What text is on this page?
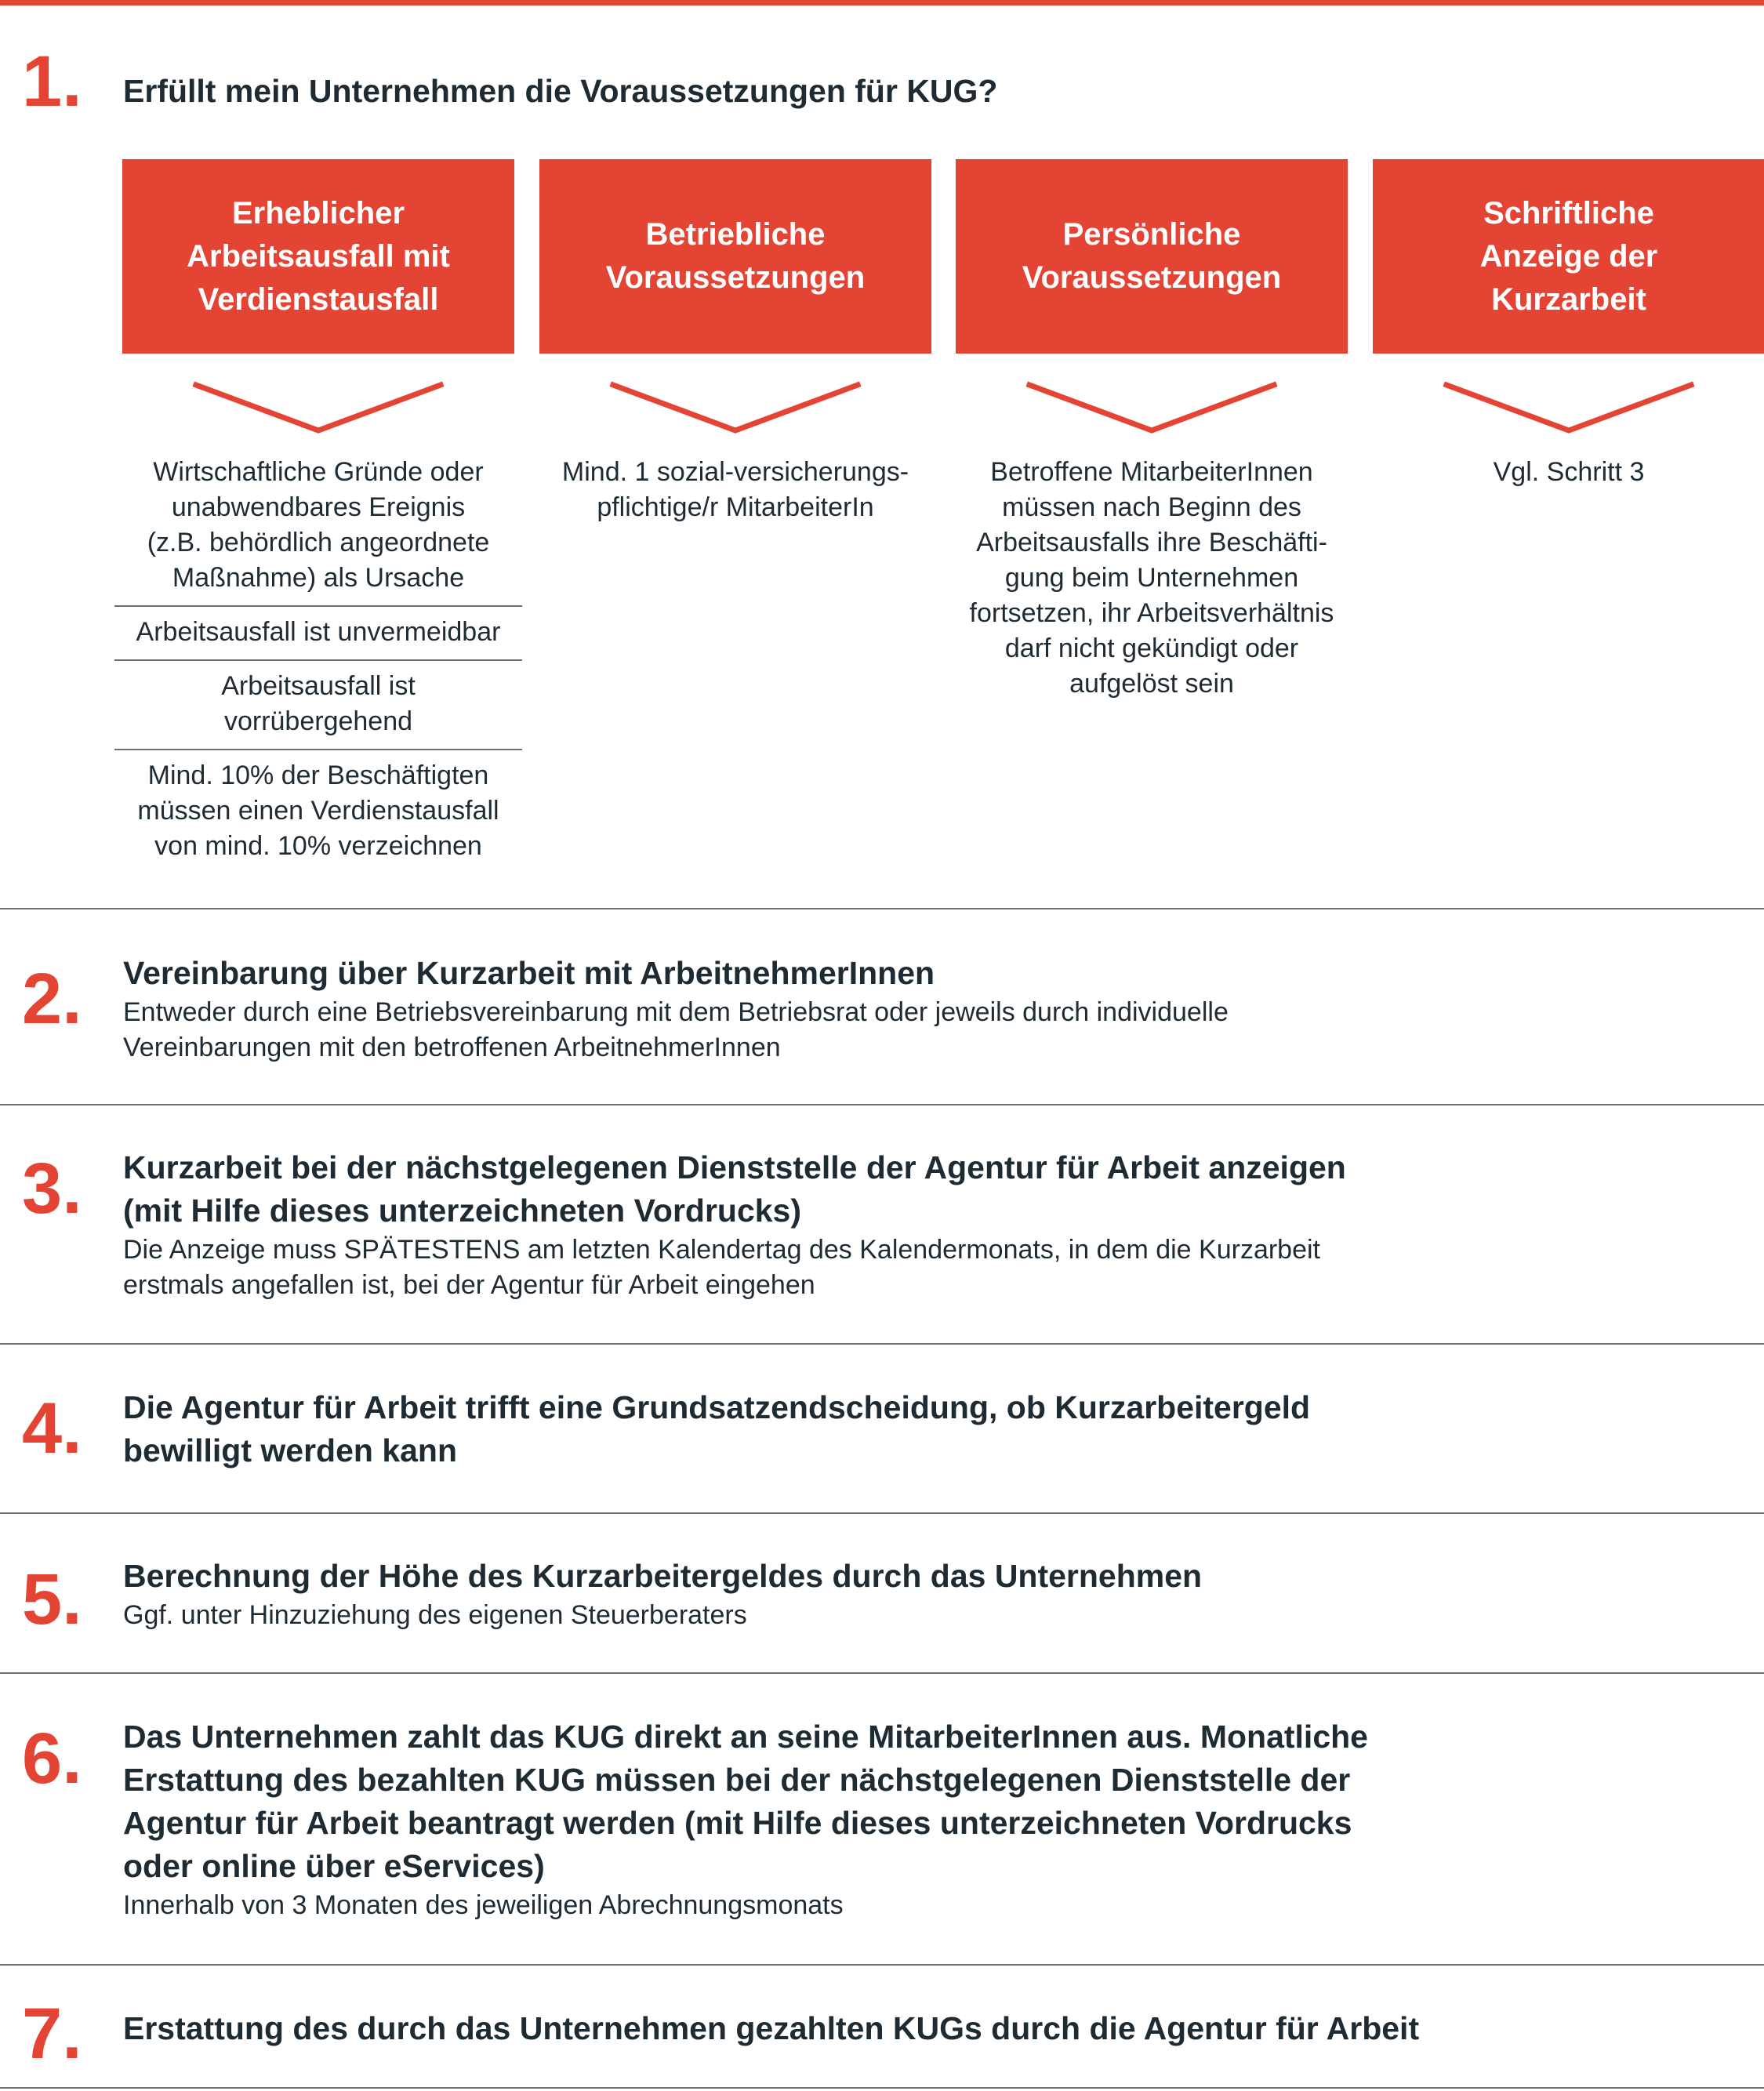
1.	Erfüllt mein Unternehmen die Voraussetzungen für KUG?
Erheblicher
Arbeitsausfall mit
Verdienstausfall
Betriebliche
Voraussetzungen
Persönliche
Voraussetzungen
Schriftliche
Anzeige der
Kurzarbeit
Wirtschaftliche Gründe oder
unabwendbares Ereignis
(z.B. behördlich angeordnete
Maßnahme) als Ursache
Arbeitsausfall ist unvermeidbar
Arbeitsausfall ist
vorrübergehend
Mind. 10% der Beschäftigten
müssen einen Verdienstausfall
von mind. 10% verzeichnen
Mind. 1 sozial-versicherungs-
pflichtige/r MitarbeiterIn
Betroffene MitarbeiterInnen
müssen nach Beginn des
Arbeitsausfalls ihre Beschäfti-
gung beim Unternehmen
fortsetzen, ihr Arbeitsverhältnis
darf nicht gekündigt oder
aufgelöst sein
Vgl. Schritt 3
2.	Vereinbarung über Kurzarbeit mit ArbeitnehmerInnen
Entweder durch eine Betriebsvereinbarung mit dem Betriebsrat oder jeweils durch individuelle
Vereinbarungen mit den betroffenen ArbeitnehmerInnen
3.	Kurzarbeit bei der nächstgelegenen Dienststelle der Agentur für Arbeit anzeigen
(mit Hilfe dieses unterzeichneten Vordrucks)
Die Anzeige muss SPÄTESTENS am letzten Kalendertag des Kalendermonats, in dem die Kurzarbeit
erstmals angefallen ist, bei der Agentur für Arbeit eingehen
4.	Die Agentur für Arbeit trifft eine Grundsatzendscheidung, ob Kurzarbeitergeld
bewilligt werden kann
5.	Berechnung der Höhe des Kurzarbeitergeldes durch das Unternehmen
Ggf. unter Hinzuziehung des eigenen Steuerberaters
6.	Das Unternehmen zahlt das KUG direkt an seine MitarbeiterInnen aus. Monatliche
Erstattung des bezahlten KUG müssen bei der nächstgelegenen Dienststelle der
Agentur für Arbeit beantragt werden (mit Hilfe dieses unterzeichneten Vordrucks
oder online über eServices)
Innerhalb von 3 Monaten des jeweiligen Abrechnungsmonats
7.	Erstattung des durch das Unternehmen gezahlten KUGs durch die Agentur für Arbeit
